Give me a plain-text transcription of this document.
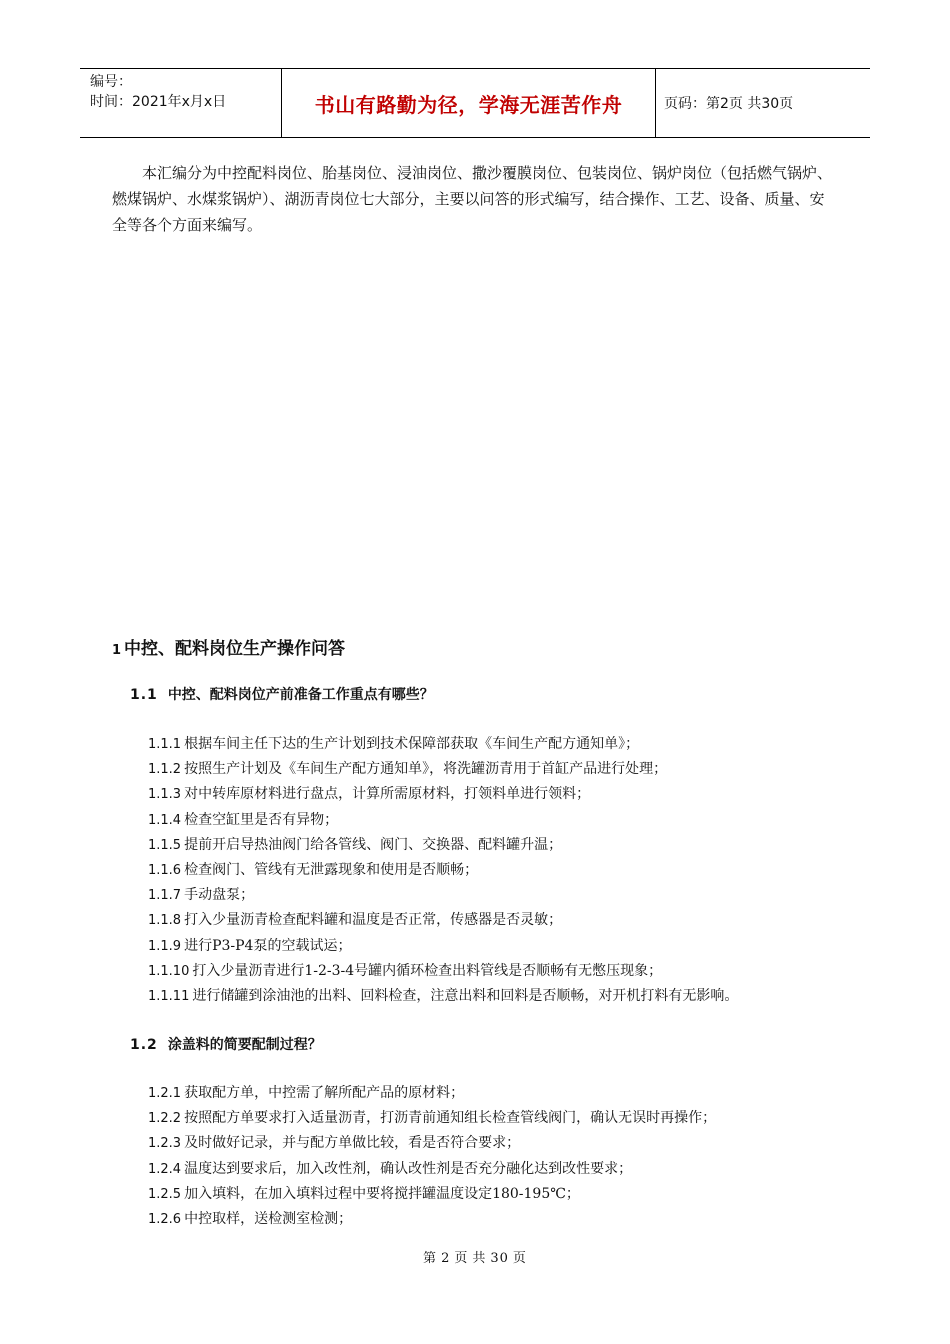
编号：
时间：2021年x月x日	书山有路勤为径，学海无涯苦作舟	页码：第2页 共30页

本汇编分为中控配料岗位、胎基岗位、浸油岗位、撒沙覆膜岗位、包装岗位、锅炉岗位（包括燃气锅炉、燃煤锅炉、水煤浆锅炉）、湖沥青岗位七大部分，主要以问答的形式编写，结合操作、工艺、设备、质量、安全等各个方面来编写。

1 中控、配料岗位生产操作问答
1.1 中控、配料岗位产前准备工作重点有哪些？
1.1.1 根据车间主任下达的生产计划到技术保障部获取《车间生产配方通知单》；
1.1.2 按照生产计划及《车间生产配方通知单》，将洗罐沥青用于首缸产品进行处理；
1.1.3 对中转库原材料进行盘点，计算所需原材料，打领料单进行领料；
1.1.4 检查空缸里是否有异物；
1.1.5 提前开启导热油阀门给各管线、阀门、交换器、配料罐升温；
1.1.6 检查阀门、管线有无泄露现象和使用是否顺畅；
1.1.7 手动盘泵；
1.1.8 打入少量沥青检查配料罐和温度是否正常，传感器是否灵敏；
1.1.9 进行P3-P4泵的空载试运；
1.1.10 打入少量沥青进行1-2-3-4号罐内循环检查出料管线是否顺畅有无憋压现象；
1.1.11 进行储罐到涂油池的出料、回料检查，注意出料和回料是否顺畅，对开机打料有无影响。
1.2 涂盖料的简要配制过程？
1.2.1 获取配方单，中控需了解所配产品的原材料；
1.2.2 按照配方单要求打入适量沥青，打沥青前通知组长检查管线阀门，确认无误时再操作；
1.2.3 及时做好记录，并与配方单做比较，看是否符合要求；
1.2.4 温度达到要求后，加入改性剂，确认改性剂是否充分融化达到改性要求；
1.2.5 加入填料，在加入填料过程中要将搅拌罐温度设定180-195℃；
1.2.6 中控取样，送检测室检测；
第 2 页 共 30 页
